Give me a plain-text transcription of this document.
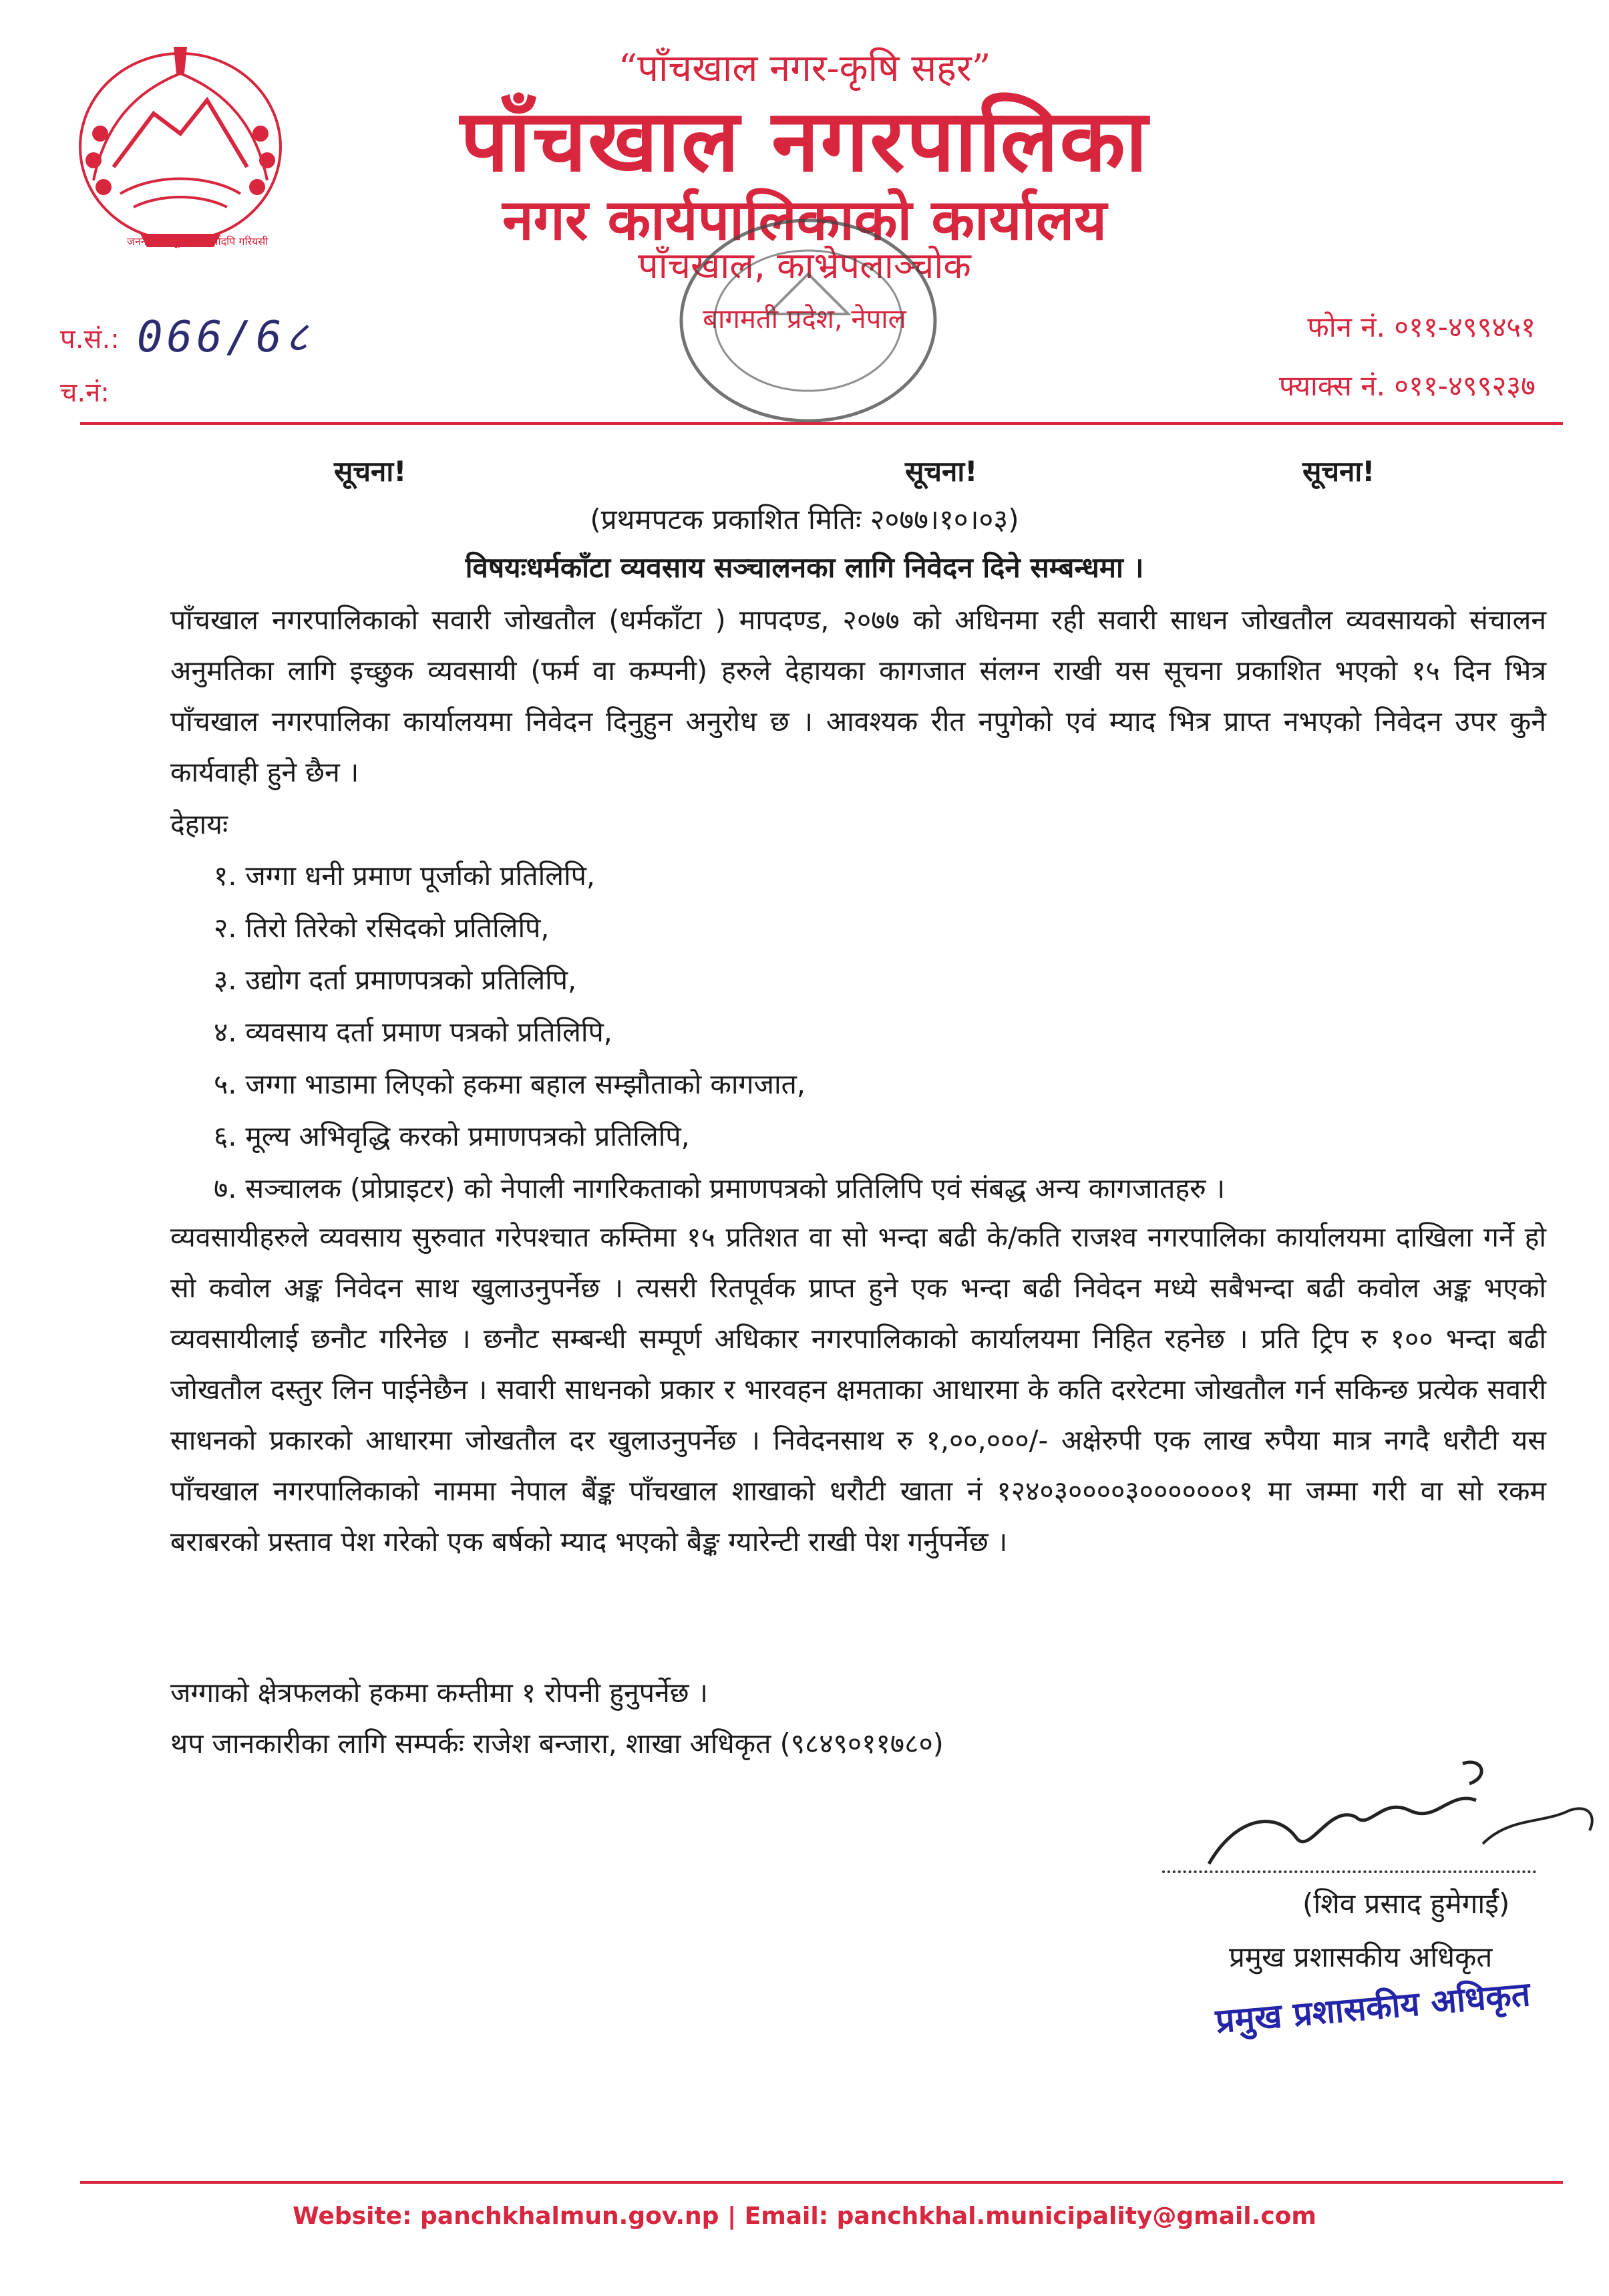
जननी जन्मभूमिश्च स्वर्गादपि गरियसी
“पाँचखाल नगर-कृषि सहर”
पाँचखाल नगरपालिका
नगर कार्यपालिकाको कार्यालय
पाँचखाल, काभ्रेपलाञ्चोक
बागमती प्रदेश, नेपाल
प.सं.: 066/6८
च.नं:
फोन नं. ०११-४९९४५१
फ्याक्स नं. ०११-४९९२३७
सूचना!	सूचना!	सूचना!
(प्रथमपटक प्रकाशित मितिः २०७७।१०।०३)
विषयःधर्मकाँटा व्यवसाय सञ्चालनका लागि निवेदन दिने सम्बन्धमा ।
पाँचखाल नगरपालिकाको सवारी जोखतौल (धर्मकाँटा ) मापदण्ड, २०७७ को अधिनमा रही सवारी साधन जोखतौल व्यवसायको संचालन अनुमतिका लागि इच्छुक व्यवसायी (फर्म वा कम्पनी) हरुले देहायका कागजात संलग्न राखी यस सूचना प्रकाशित भएको १५ दिन भित्र पाँचखाल नगरपालिका कार्यालयमा निवेदन दिनुहुन अनुरोध छ । आवश्यक रीत नपुगेको एवं म्याद भित्र प्राप्त नभएको निवेदन उपर कुनै कार्यवाही हुने छैन ।
देहायः
१. जग्गा धनी प्रमाण पूर्जाको प्रतिलिपि,
२. तिरो तिरेको रसिदको प्रतिलिपि,
३. उद्योग दर्ता प्रमाणपत्रको प्रतिलिपि,
४. व्यवसाय दर्ता प्रमाण पत्रको प्रतिलिपि,
५. जग्गा भाडामा लिएको हकमा बहाल सम्झौताको कागजात,
६. मूल्य अभिवृद्धि करको प्रमाणपत्रको प्रतिलिपि,
७. सञ्चालक (प्रोप्राइटर) को नेपाली नागरिकताको प्रमाणपत्रको प्रतिलिपि एवं संबद्ध अन्य कागजातहरु ।
व्यवसायीहरुले व्यवसाय सुरुवात गरेपश्चात कम्तिमा १५ प्रतिशत वा सो भन्दा बढी के/कति राजश्व नगरपालिका कार्यालयमा दाखिला गर्ने हो सो कवोल अङ्क निवेदन साथ खुलाउनुपर्नेछ । त्यसरी रितपूर्वक प्राप्त हुने एक भन्दा बढी निवेदन मध्ये सबैभन्दा बढी कवोल अङ्क भएको व्यवसायीलाई छनौट गरिनेछ । छनौट सम्बन्धी सम्पूर्ण अधिकार नगरपालिकाको कार्यालयमा निहित रहनेछ । प्रति ट्रिप रु १०० भन्दा बढी जोखतौल दस्तुर लिन पाईनेछैन । सवारी साधनको प्रकार र भारवहन क्षमताका आधारमा के कति दररेटमा जोखतौल गर्न सकिन्छ प्रत्येक सवारी साधनको प्रकारको आधारमा जोखतौल दर खुलाउनुपर्नेछ । निवेदनसाथ रु १,००,०००/- अक्षेरुपी एक लाख रुपैया मात्र नगदै धरौटी यस पाँचखाल नगरपालिकाको नाममा नेपाल बैंङ्क पाँचखाल शाखाको धरौटी खाता नं १२४०३००००३०००००००१ मा जम्मा गरी वा सो रकम बराबरको प्रस्ताव पेश गरेको एक बर्षको म्याद भएको बैङ्क ग्यारेन्टी राखी पेश गर्नुपर्नेछ ।
जग्गाको क्षेत्रफलको हकमा कम्तीमा १ रोपनी हुनुपर्नेछ ।
थप जानकारीका लागि सम्पर्कः राजेश बन्जारा, शाखा अधिकृत (९८४९०११७८०)
(शिव प्रसाद हुमेगाईं)
प्रमुख प्रशासकीय अधिकृत
प्रमुख प्रशासकीय अधिकृत
Website: panchkhalmun.gov.np | Email: panchkhal.municipality@gmail.com
